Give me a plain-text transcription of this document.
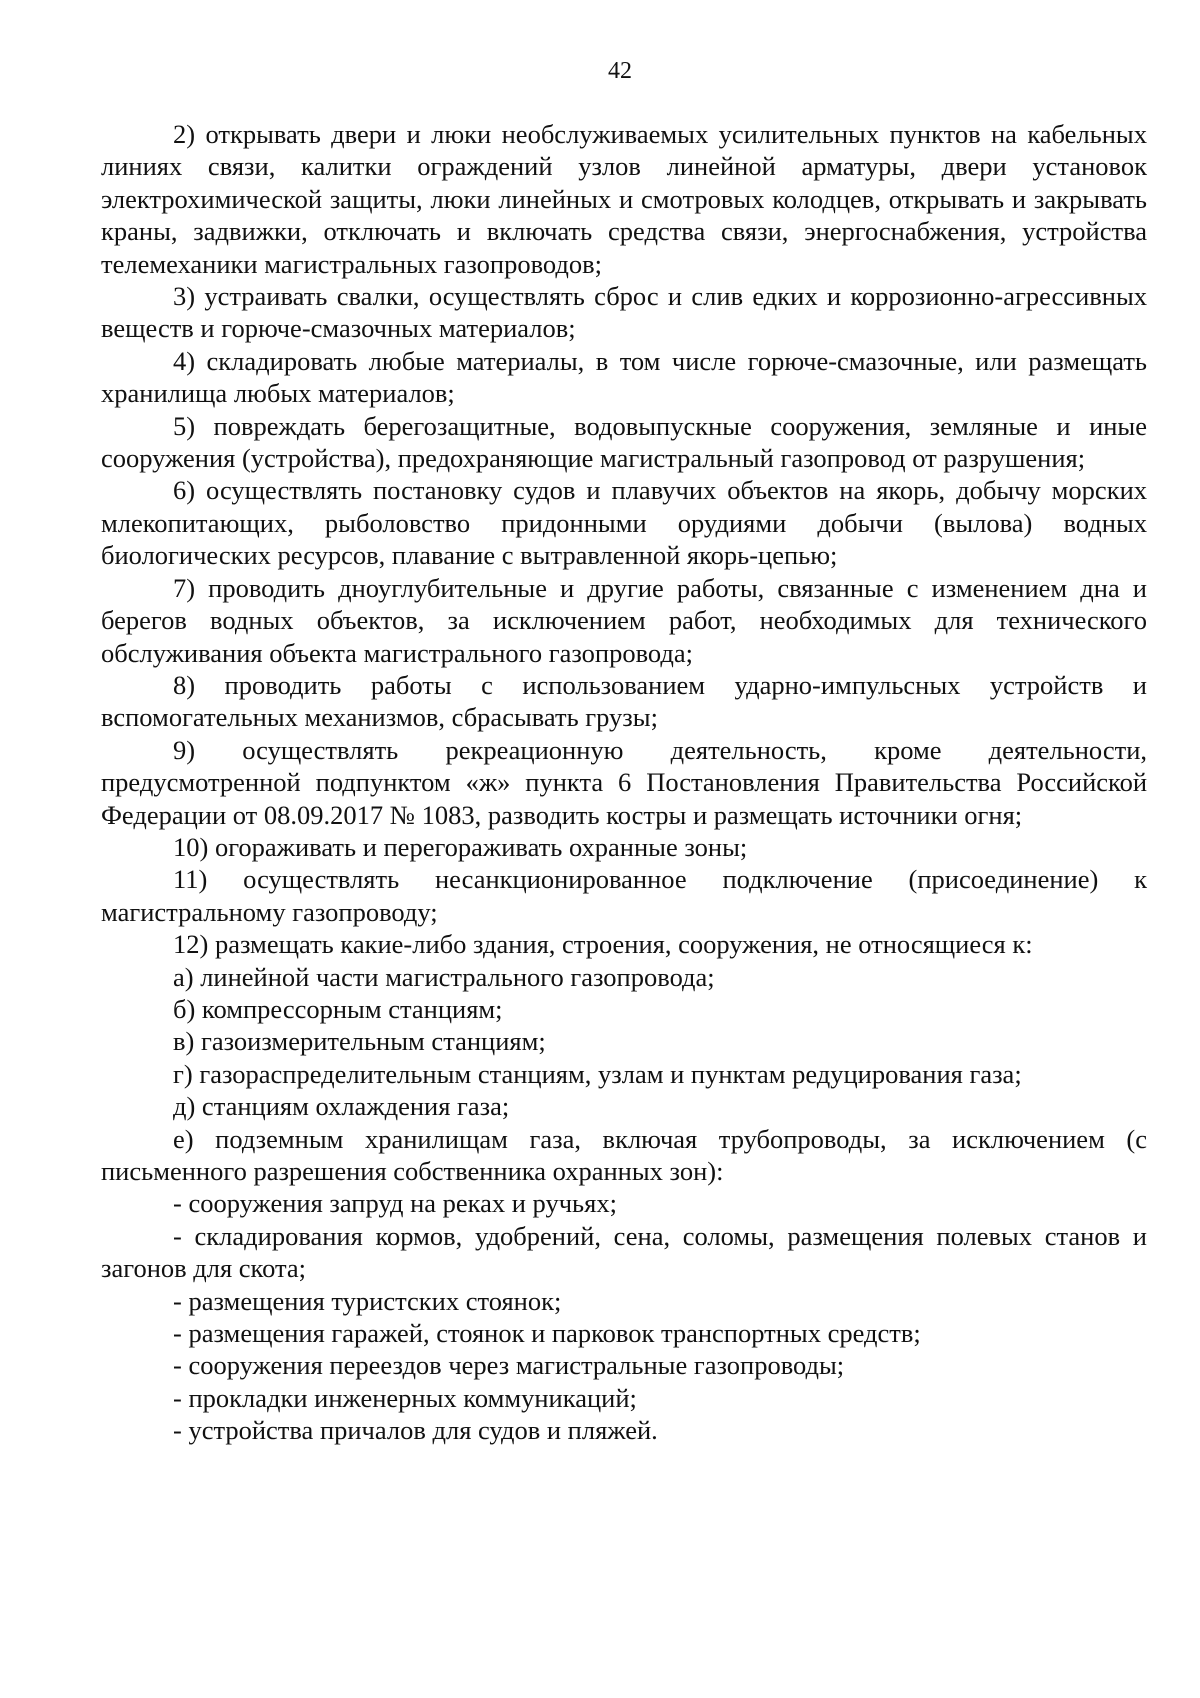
42

2) открывать двери и люки необслуживаемых усилительных пунктов на кабельных линиях связи, калитки ограждений узлов линейной арматуры, двери установок электрохимической защиты, люки линейных и смотровых колодцев, открывать и закрывать краны, задвижки, отключать и включать средства связи, энергоснабжения, устройства телемеханики магистральных газопроводов;

3) устраивать свалки, осуществлять сброс и слив едких и коррозионно-агрессивных веществ и горюче-смазочных материалов;

4) складировать любые материалы, в том числе горюче-смазочные, или размещать хранилища любых материалов;

5) повреждать берегозащитные, водовыпускные сооружения, земляные и иные сооружения (устройства), предохраняющие магистральный газопровод от разрушения;

6) осуществлять постановку судов и плавучих объектов на якорь, добычу морских млекопитающих, рыболовство придонными орудиями добычи (вылова) водных биологических ресурсов, плавание с вытравленной якорь-цепью;

7) проводить дноуглубительные и другие работы, связанные с изменением дна и берегов водных объектов, за исключением работ, необходимых для технического обслуживания объекта магистрального газопровода;

8) проводить работы с использованием ударно-импульсных устройств и вспомогательных механизмов, сбрасывать грузы;

9) осуществлять рекреационную деятельность, кроме деятельности, предусмотренной подпунктом «ж» пункта 6 Постановления Правительства Российской Федерации от 08.09.2017 № 1083, разводить костры и размещать источники огня;

10) огораживать и перегораживать охранные зоны;

11) осуществлять несанкционированное подключение (присоединение) к магистральному газопроводу;

12) размещать какие-либо здания, строения, сооружения, не относящиеся к:

а) линейной части магистрального газопровода;

б) компрессорным станциям;

в) газоизмерительным станциям;

г) газораспределительным станциям, узлам и пунктам редуцирования газа;

д) станциям охлаждения газа;

е) подземным хранилищам газа, включая трубопроводы, за исключением (с письменного разрешения собственника охранных зон):

- сооружения запруд на реках и ручьях;

- складирования кормов, удобрений, сена, соломы, размещения полевых станов и загонов для скота;

- размещения туристских стоянок;

- размещения гаражей, стоянок и парковок транспортных средств;

- сооружения переездов через магистральные газопроводы;

- прокладки инженерных коммуникаций;

- устройства причалов для судов и пляжей.
